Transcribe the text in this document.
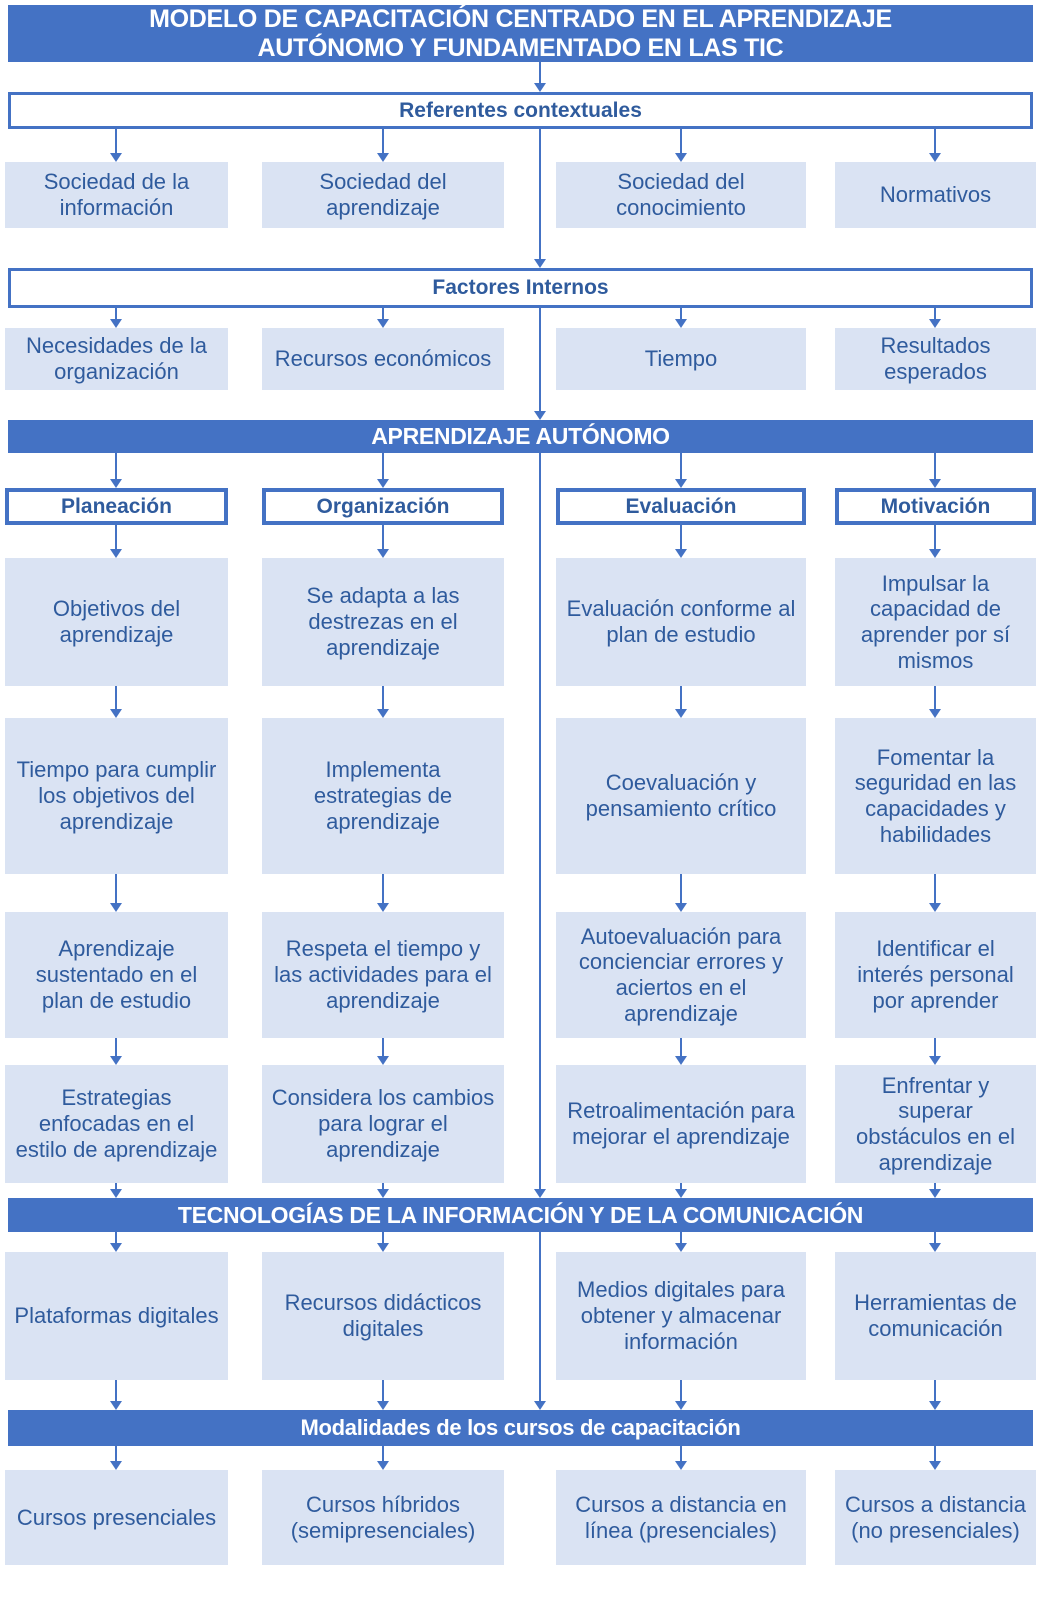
MODELO DE CAPACITACIÓN CENTRADO EN EL APRENDIZAJE
AUTÓNOMO Y FUNDAMENTADO EN LAS TIC
Referentes contextuales
Sociedad de la información
Sociedad del aprendizaje
Sociedad del conocimiento
Normativos
Factores Internos
Necesidades de la organización
Recursos económicos	Tiempo
Resultados esperados
APRENDIZAJE AUTÓNOMO
Planeación	Organización	Evaluación	Motivación
Objetivos del aprendizaje
Tiempo para cumplir los objetivos del aprendizaje
Aprendizaje sustentado en el plan de estudio
Estrategias enfocadas en el estilo de aprendizaje
Se adapta a las destrezas en el aprendizaje
Implementa estrategias de aprendizaje
Respeta el tiempo y las actividades para el aprendizaje
Considera los cambios para lograr el aprendizaje
Evaluación conforme al plan de estudio
Coevaluación y pensamiento crítico
Autoevaluación para concienciar errores y aciertos en el aprendizaje
Retroalimentación para mejorar el aprendizaje
Impulsar la capacidad de aprender por sí mismos
Fomentar la seguridad en las capacidades y habilidades
Identificar el interés personal por aprender
Enfrentar y superar obstáculos en el aprendizaje
TECNOLOGÍAS DE LA INFORMACIÓN Y DE LA COMUNICACIÓN
Plataformas digitales
Recursos didácticos digitales
Medios digitales para obtener y almacenar información
Herramientas de comunicación
Modalidades de los cursos de capacitación
Cursos presenciales
Cursos híbridos (semipresenciales)
Cursos a distancia en línea (presenciales)
Cursos a distancia (no presenciales)
